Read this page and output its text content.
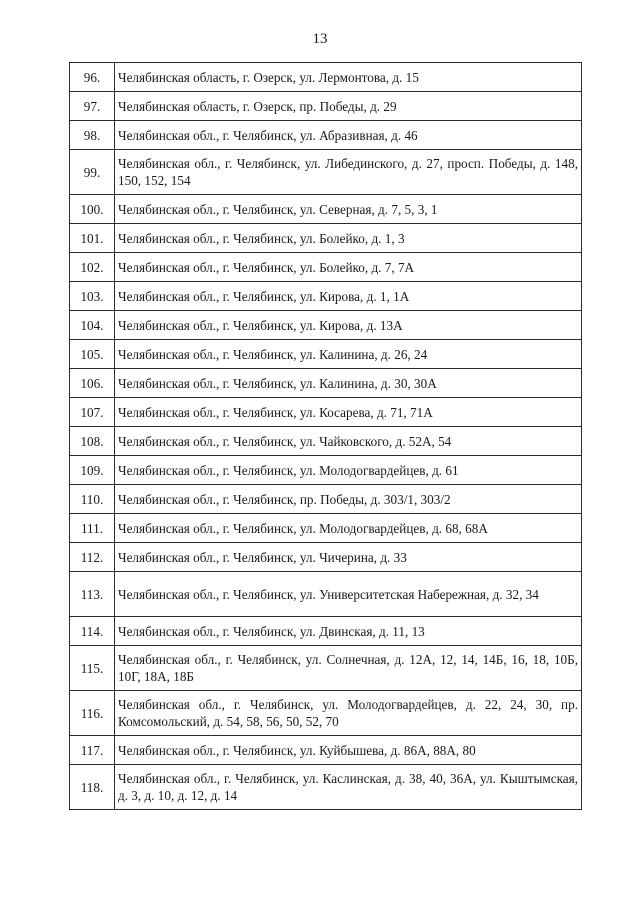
13
96.	Челябинская область, г. Озерск, ул. Лермонтова, д. 15
97.	Челябинская область, г. Озерск, пр. Победы, д. 29
98.	Челябинская обл., г. Челябинск, ул. Абразивная, д. 46
99.	Челябинская обл., г. Челябинск, ул. Либединского, д. 27, просп. Победы, д. 148, 150, 152, 154
100.	Челябинская обл., г. Челябинск, ул. Северная, д. 7, 5, 3, 1
101.	Челябинская обл., г. Челябинск, ул. Болейко, д. 1, 3
102.	Челябинская обл., г. Челябинск, ул. Болейко, д. 7, 7А
103.	Челябинская обл., г. Челябинск, ул. Кирова, д. 1, 1А
104.	Челябинская обл., г. Челябинск, ул. Кирова, д. 13А
105.	Челябинская обл., г. Челябинск, ул. Калинина, д. 26, 24
106.	Челябинская обл., г. Челябинск, ул. Калинина, д. 30, 30А
107.	Челябинская обл., г. Челябинск, ул. Косарева, д. 71, 71А
108.	Челябинская обл., г. Челябинск, ул. Чайковского, д. 52А, 54
109.	Челябинская обл., г. Челябинск, ул. Молодогвардейцев, д. 61
110.	Челябинская обл., г. Челябинск, пр. Победы, д. 303/1, 303/2
111.	Челябинская обл., г. Челябинск, ул. Молодогвардейцев, д. 68, 68А
112.	Челябинская обл., г. Челябинск, ул. Чичерина, д. 33
113.	Челябинская обл., г. Челябинск, ул. Университетская Набережная, д. 32, 34
114.	Челябинская обл., г. Челябинск, ул. Двинская, д. 11, 13
115.	Челябинская обл., г. Челябинск, ул. Солнечная, д. 12А, 12, 14, 14Б, 16, 18, 10Б, 10Г, 18А, 18Б
116.	Челябинская обл., г. Челябинск, ул. Молодогвардейцев, д. 22, 24, 30, пр. Комсомольский, д. 54, 58, 56, 50, 52, 70
117.	Челябинская обл., г. Челябинск, ул. Куйбышева, д. 86А, 88А, 80
118.	Челябинская обл., г. Челябинск, ул. Каслинская, д. 38, 40, 36А, ул. Кыштымская, д. 3, д. 10, д. 12, д. 14
